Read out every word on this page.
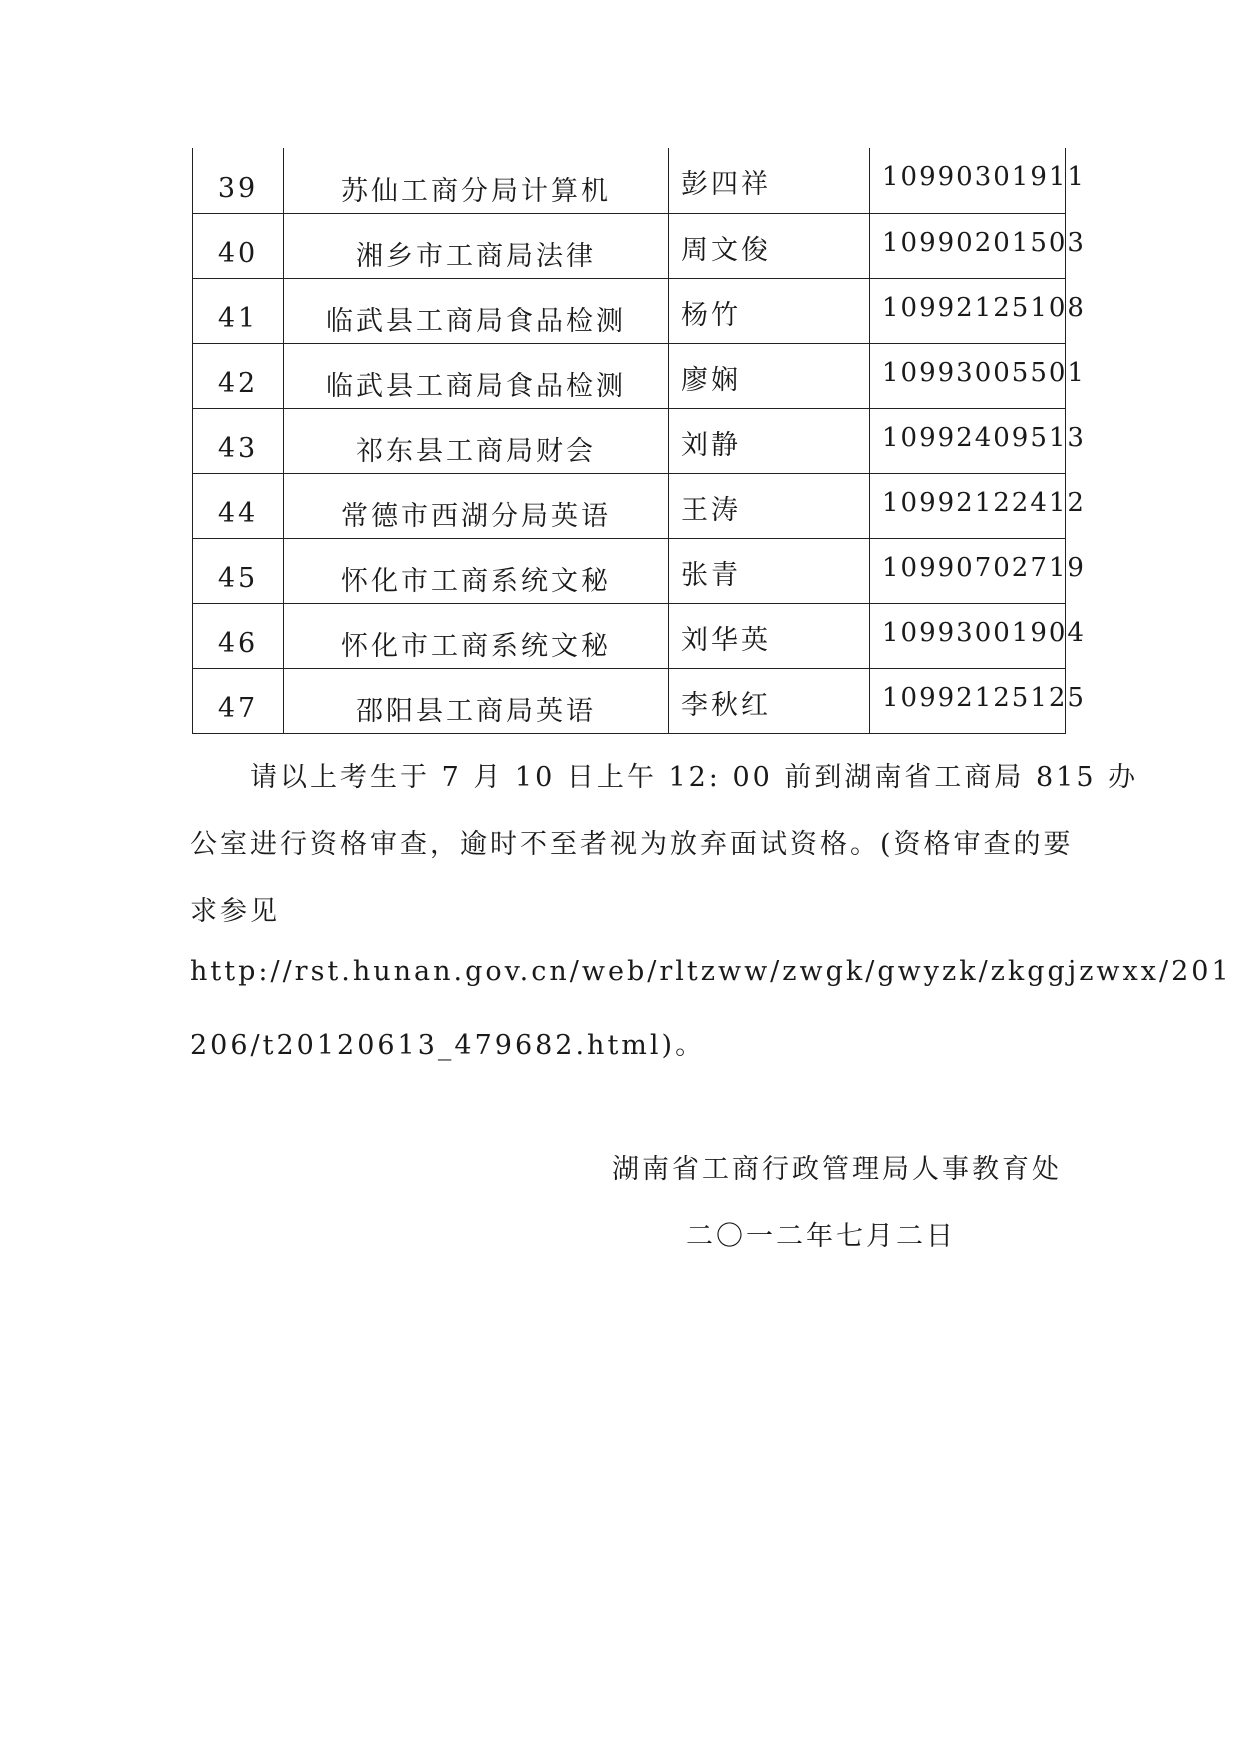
39	苏仙工商分局计算机	彭四祥	10990301911
40	湘乡市工商局法律	周文俊	10990201503
41	临武县工商局食品检测	杨竹	10992125108
42	临武县工商局食品检测	廖娴	10993005501
43	祁东县工商局财会	刘静	10992409513
44	常德市西湖分局英语	王涛	10992122412
45	怀化市工商系统文秘	张青	10990702719
46	怀化市工商系统文秘	刘华英	10993001904
47	邵阳县工商局英语	李秋红	10992125125
　　请以上考生于 7 月 10 日上午 12: 00 前到湖南省工商局 815 办
公室进行资格审查，逾时不至者视为放弃面试资格。(资格审查的要
求参见
http://rst.hunan.gov.cn/web/rltzww/zwgk/gwyzk/zkggjzwxx/201
206/t20120613_479682.html)。
湖南省工商行政管理局人事教育处
二〇一二年七月二日
